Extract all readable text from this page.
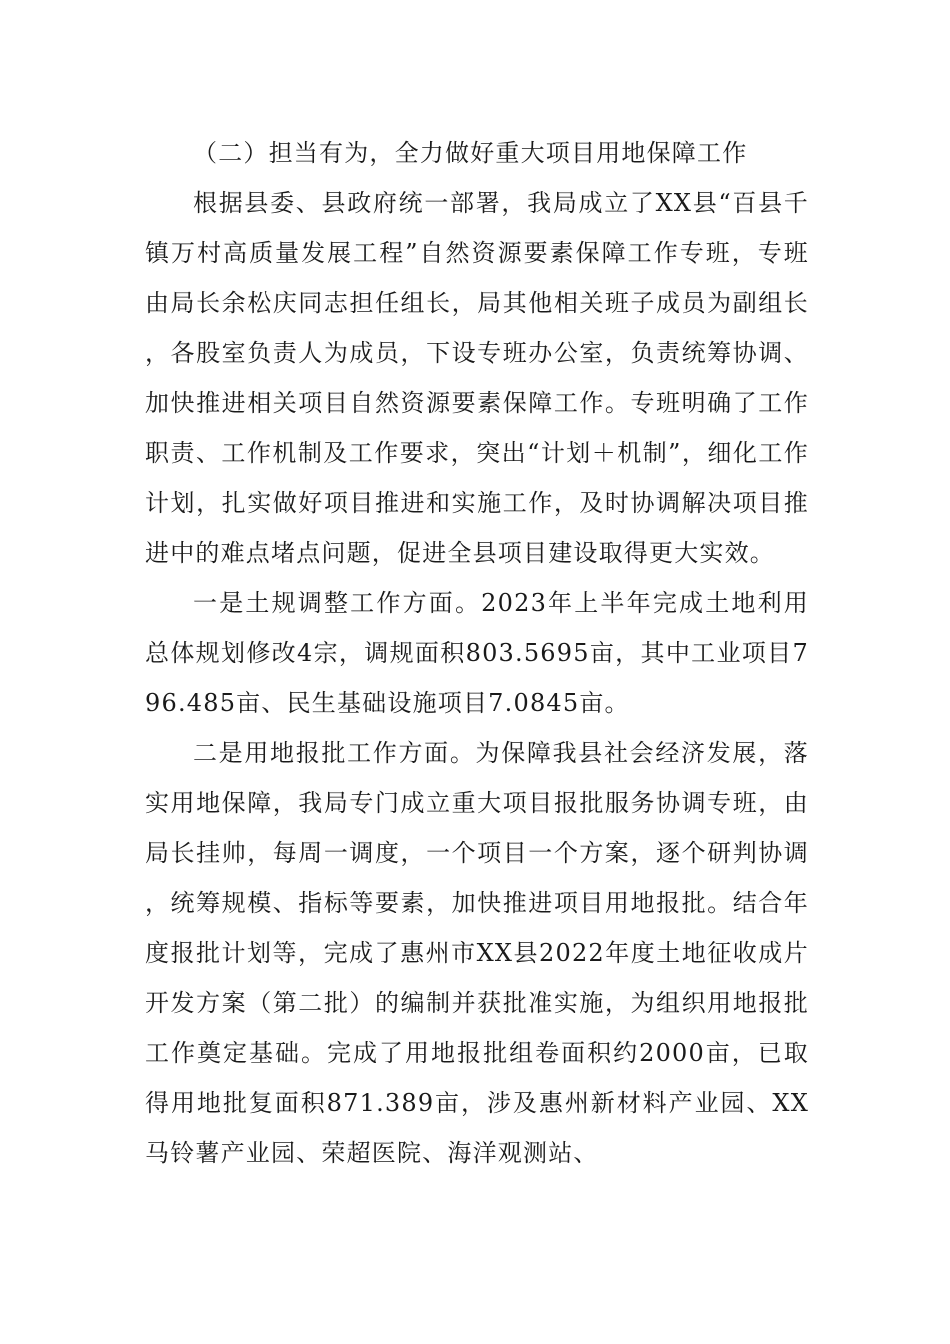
（二）担当有为，全力做好重大项目用地保障工作

根据县委、县政府统一部署，我局成立了XX县“百县千镇万村高质量发展工程”自然资源要素保障工作专班，专班由局长余松庆同志担任组长，局其他相关班子成员为副组长，各股室负责人为成员，下设专班办公室，负责统筹协调、加快推进相关项目自然资源要素保障工作。专班明确了工作职责、工作机制及工作要求，突出“计划＋机制”，细化工作计划，扎实做好项目推进和实施工作，及时协调解决项目推进中的难点堵点问题，促进全县项目建设取得更大实效。

一是土规调整工作方面。2023年上半年完成土地利用总体规划修改4宗，调规面积803.5695亩，其中工业项目796.485亩、民生基础设施项目7.0845亩。

二是用地报批工作方面。为保障我县社会经济发展，落实用地保障，我局专门成立重大项目报批服务协调专班，由局长挂帅，每周一调度，一个项目一个方案，逐个研判协调，统筹规模、指标等要素，加快推进项目用地报批。结合年度报批计划等，完成了惠州市XX县2022年度土地征收成片开发方案（第二批）的编制并获批准实施，为组织用地报批工作奠定基础。完成了用地报批组卷面积约2000亩，已取得用地批复面积871.389亩，涉及惠州新材料产业园、XX马铃薯产业园、荣超医院、海洋观测站、
